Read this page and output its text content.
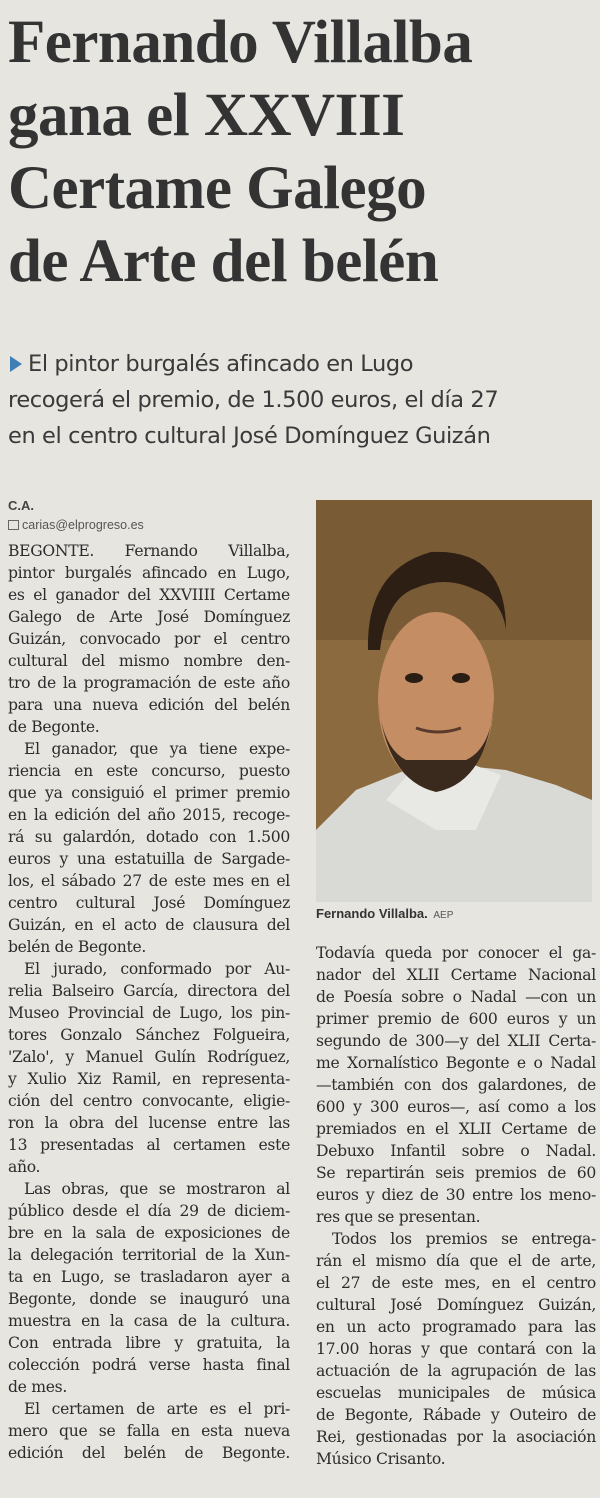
Fernando Villalba
gana el XXVIII
Certame Galego
de Arte del belén
El pintor burgalés afincado en Lugo
recogerá el premio, de 1.500 euros, el día 27
en el centro cultural José Domínguez Guizán
C.A.
carias@elprogreso.es
BEGONTE. Fernando Villalba,
pintor burgalés afincado en Lugo,
es el ganador del XXVIIII Certame
Galego de Arte José Domínguez
Guizán, convocado por el centro
cultural del mismo nombre den-
tro de la programación de este año
para una nueva edición del belén
de Begonte.
El ganador, que ya tiene expe-
riencia en este concurso, puesto
que ya consiguió el primer premio
en la edición del año 2015, recoge-
rá su galardón, dotado con 1.500
euros y una estatuilla de Sargade-
los, el sábado 27 de este mes en el
centro cultural José Domínguez
Guizán, en el acto de clausura del
belén de Begonte.
El jurado, conformado por Au-
relia Balseiro García, directora del
Museo Provincial de Lugo, los pin-
tores Gonzalo Sánchez Folgueira,
'Zalo', y Manuel Gulín Rodríguez,
y Xulio Xiz Ramil, en representa-
ción del centro convocante, eligie-
ron la obra del lucense entre las
13 presentadas al certamen este
año.
Las obras, que se mostraron al
público desde el día 29 de diciem-
bre en la sala de exposiciones de
la delegación territorial de la Xun-
ta en Lugo, se trasladaron ayer a
Begonte, donde se inauguró una
muestra en la casa de la cultura.
Con entrada libre y gratuita, la
colección podrá verse hasta final
de mes.
El certamen de arte es el pri-
mero que se falla en esta nueva
edición del belén de Begonte.
Fernando Villalba. AEP
Todavía queda por conocer el ga-
nador del XLII Certame Nacional
de Poesía sobre o Nadal —con un
primer premio de 600 euros y un
segundo de 300—y del XLII Certa-
me Xornalístico Begonte e o Nadal
—también con dos galardones, de
600 y 300 euros—, así como a los
premiados en el XLII Certame de
Debuxo Infantil sobre o Nadal.
Se repartirán seis premios de 60
euros y diez de 30 entre los meno-
res que se presentan.
Todos los premios se entrega-
rán el mismo día que el de arte,
el 27 de este mes, en el centro
cultural José Domínguez Guizán,
en un acto programado para las
17.00 horas y que contará con la
actuación de la agrupación de las
escuelas municipales de música
de Begonte, Rábade y Outeiro de
Rei, gestionadas por la asociación
Músico Crisanto.
